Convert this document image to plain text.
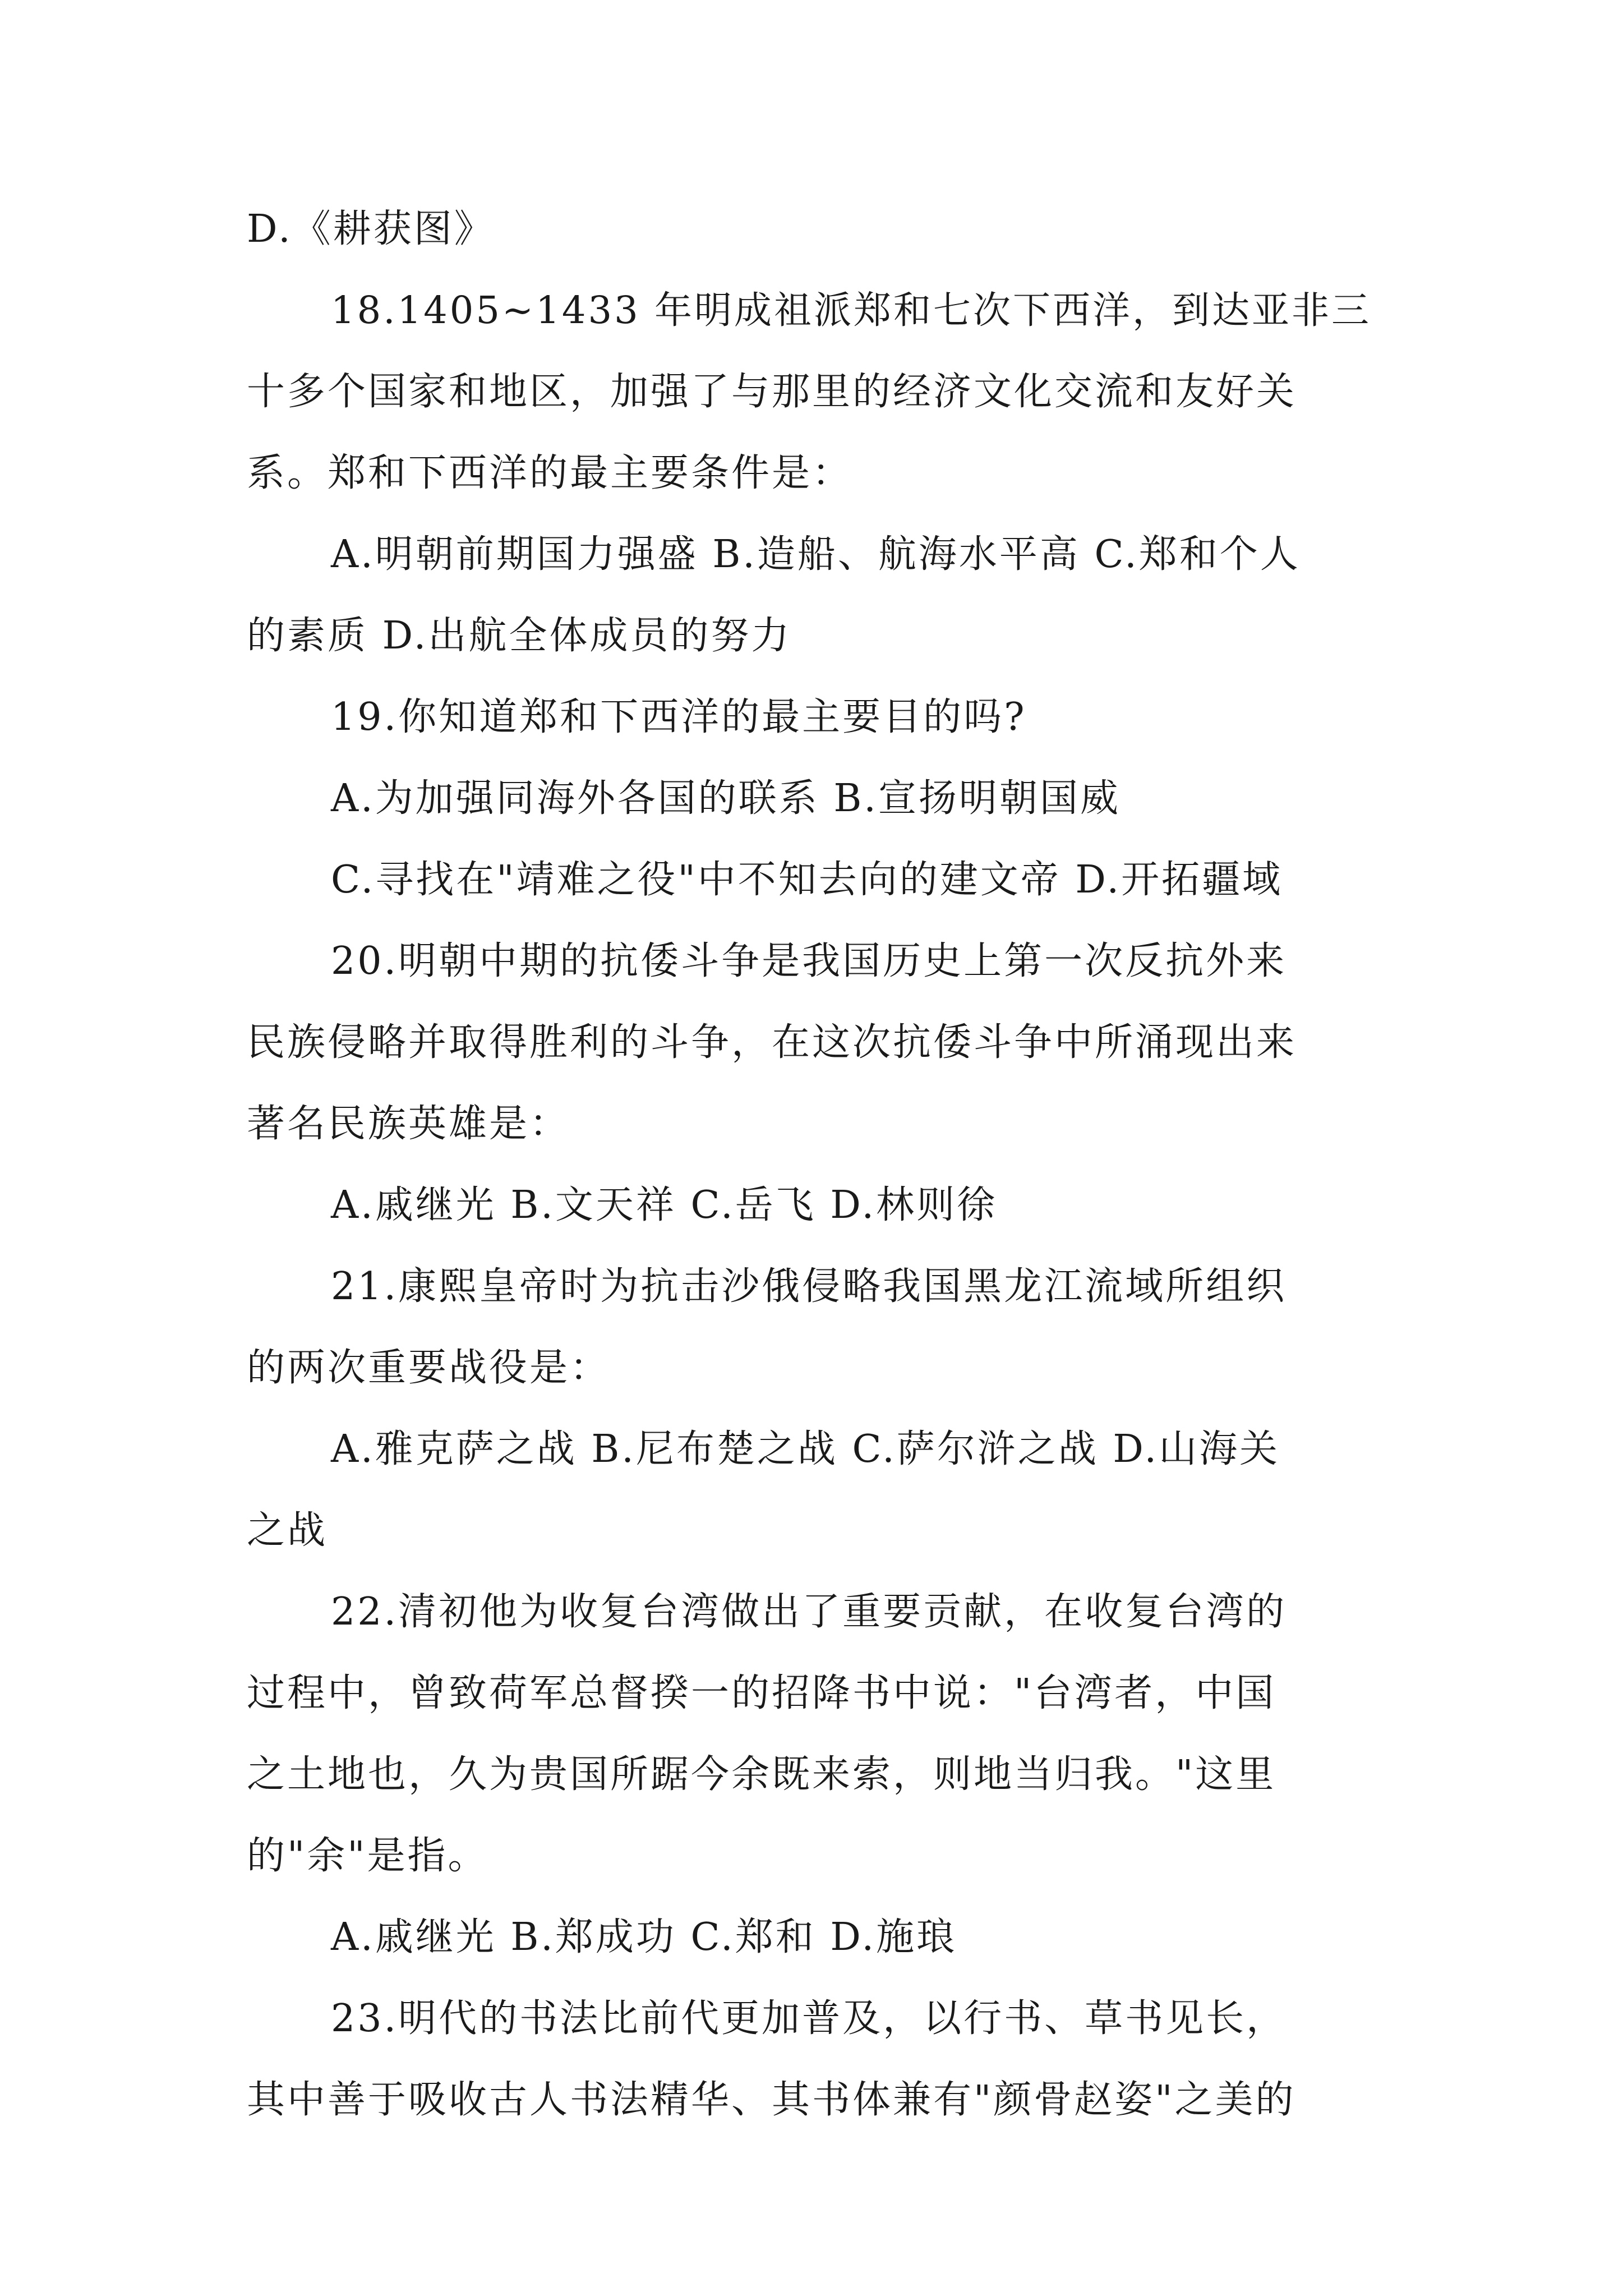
D.《耕获图》
18.1405~1433 年明成祖派郑和七次下西洋，到达亚非三
十多个国家和地区，加强了与那里的经济文化交流和友好关
系。郑和下西洋的最主要条件是：
A.明朝前期国力强盛 B.造船、航海水平高 C.郑和个人
的素质 D.出航全体成员的努力
19.你知道郑和下西洋的最主要目的吗?
A.为加强同海外各国的联系 B.宣扬明朝国威
C.寻找在"靖难之役"中不知去向的建文帝 D.开拓疆域
20.明朝中期的抗倭斗争是我国历史上第一次反抗外来
民族侵略并取得胜利的斗争，在这次抗倭斗争中所涌现出来
著名民族英雄是：
A.戚继光 B.文天祥 C.岳飞 D.林则徐
21.康熙皇帝时为抗击沙俄侵略我国黑龙江流域所组织
的两次重要战役是：
A.雅克萨之战 B.尼布楚之战 C.萨尔浒之战 D.山海关
之战
22.清初他为收复台湾做出了重要贡献，在收复台湾的
过程中，曾致荷军总督揆一的招降书中说："台湾者，中国
之土地也，久为贵国所踞今余既来索，则地当归我。"这里
的"余"是指。
A.戚继光 B.郑成功 C.郑和 D.施琅
23.明代的书法比前代更加普及，以行书、草书见长，
其中善于吸收古人书法精华、其书体兼有"颜骨赵姿"之美的
